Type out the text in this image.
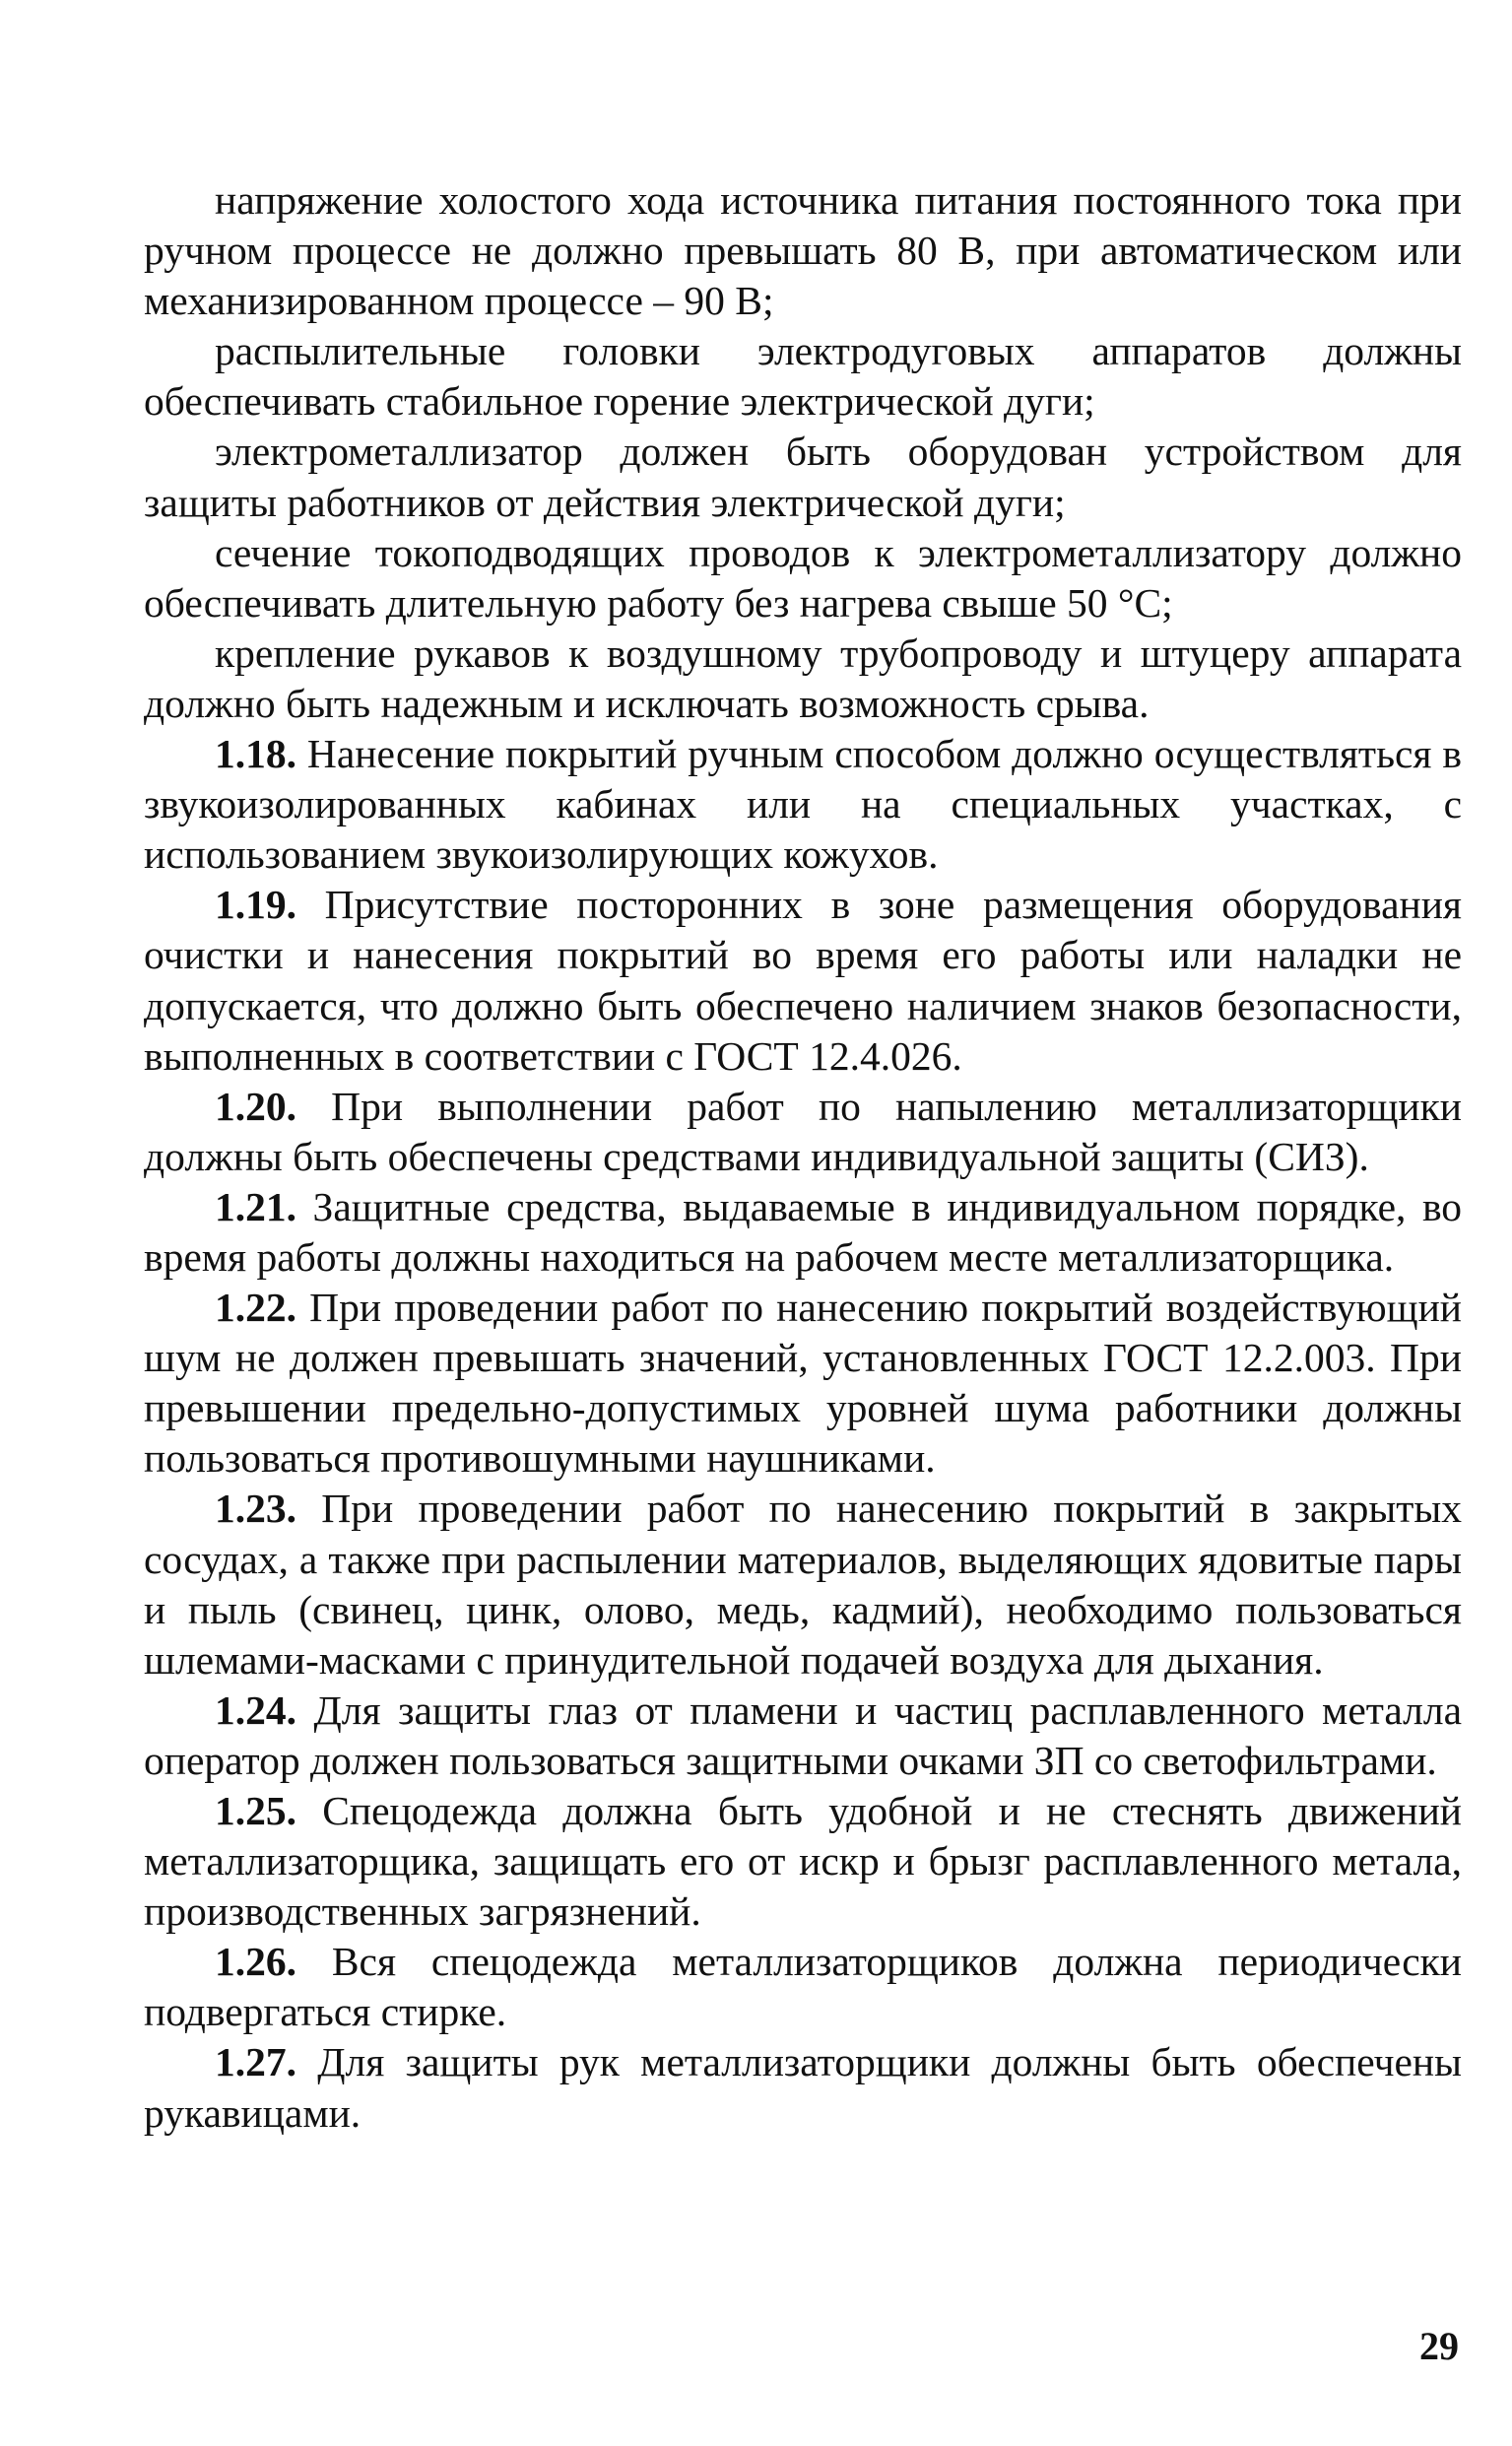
напряжение холостого хода источника питания постоянного тока при ручном процессе не должно превышать 80 В, при автоматическом или механизированном процессе – 90 В;

распылительные головки электродуговых аппаратов должны обеспечивать стабильное горение электрической дуги;

электрометаллизатор должен быть оборудован устройством для защиты работников от действия электрической дуги;

сечение токоподводящих проводов к электрометаллизатору должно обеспечивать длительную работу без нагрева свыше 50 °С;

крепление рукавов к воздушному трубопроводу и штуцеру аппарата должно быть надежным и исключать возможность срыва.

1.18. Нанесение покрытий ручным способом должно осуществляться в звукоизолированных кабинах или на специальных участках, с использованием звукоизолирующих кожухов.

1.19. Присутствие посторонних в зоне размещения оборудования очистки и нанесения покрытий во время его работы или наладки не допускается, что должно быть обеспечено наличием знаков безопасности, выполненных в соответствии с ГОСТ 12.4.026.

1.20. При выполнении работ по напылению металлизаторщики должны быть обеспечены средствами индивидуальной защиты (СИЗ).

1.21. Защитные средства, выдаваемые в индивидуальном порядке, во время работы должны находиться на рабочем месте металлизаторщика.

1.22. При проведении работ по нанесению покрытий воздействующий шум не должен превышать значений, установленных ГОСТ 12.2.003. При превышении предельно-допустимых уровней шума работники должны пользоваться противошумными наушниками.

1.23. При проведении работ по нанесению покрытий в закрытых сосудах, а также при распылении материалов, выделяющих ядовитые пары и пыль (свинец, цинк, олово, медь, кадмий), необходимо пользоваться шлемами-масками с принудительной подачей воздуха для дыхания.

1.24. Для защиты глаз от пламени и частиц расплавленного металла оператор должен пользоваться защитными очками ЗП со светофильтрами.

1.25. Спецодежда должна быть удобной и не стеснять движений металлизаторщика, защищать его от искр и брызг расплавленного метала, производственных загрязнений.

1.26. Вся спецодежда металлизаторщиков должна периодически подвергаться стирке.

1.27. Для защиты рук металлизаторщики должны быть обеспечены рукавицами.

29
